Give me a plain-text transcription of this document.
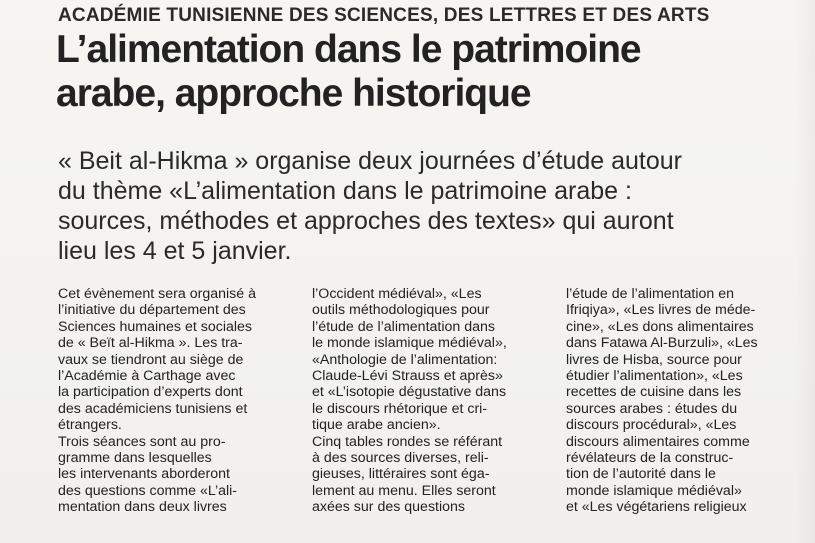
ACADÉMIE TUNISIENNE DES SCIENCES, DES LETTRES ET DES ARTS
L’alimentation dans le patrimoine
arabe, approche historique
« Beit al-Hikma » organise deux journées d’étude autour
du thème «L’alimentation dans le patrimoine arabe :
sources, méthodes et approches des textes» qui auront
lieu les 4 et 5 janvier.
Cet évènement sera organisé à
l’initiative du département des
Sciences humaines et sociales
de « Beït al-Hikma ». Les tra-
vaux se tiendront au siège de
l’Académie à Carthage avec
la participation d’experts dont
des académiciens tunisiens et
étrangers.
Trois séances sont au pro-
gramme dans lesquelles
les intervenants aborderont
des questions comme «L’ali-
mentation dans deux livres
l’Occident médiéval», «Les
outils méthodologiques pour
l’étude de l’alimentation dans
le monde islamique médiéval»,
«Anthologie de l’alimentation:
Claude-Lévi Strauss et après»
et «L’isotopie dégustative dans
le discours rhétorique et cri-
tique arabe ancien».
Cinq tables rondes se référant
à des sources diverses, reli-
gieuses, littéraires sont éga-
lement au menu. Elles seront
axées sur des questions
l’étude de l’alimentation en
Ifriqiya», «Les livres de méde-
cine», «Les dons alimentaires
dans Fatawa Al-Burzuli», «Les
livres de Hisba, source pour
étudier l’alimentation», «Les
recettes de cuisine dans les
sources arabes : études du
discours procédural», «Les
discours alimentaires comme
révélateurs de la construc-
tion de l’autorité dans le
monde islamique médiéval»
et «Les végétariens religieux
